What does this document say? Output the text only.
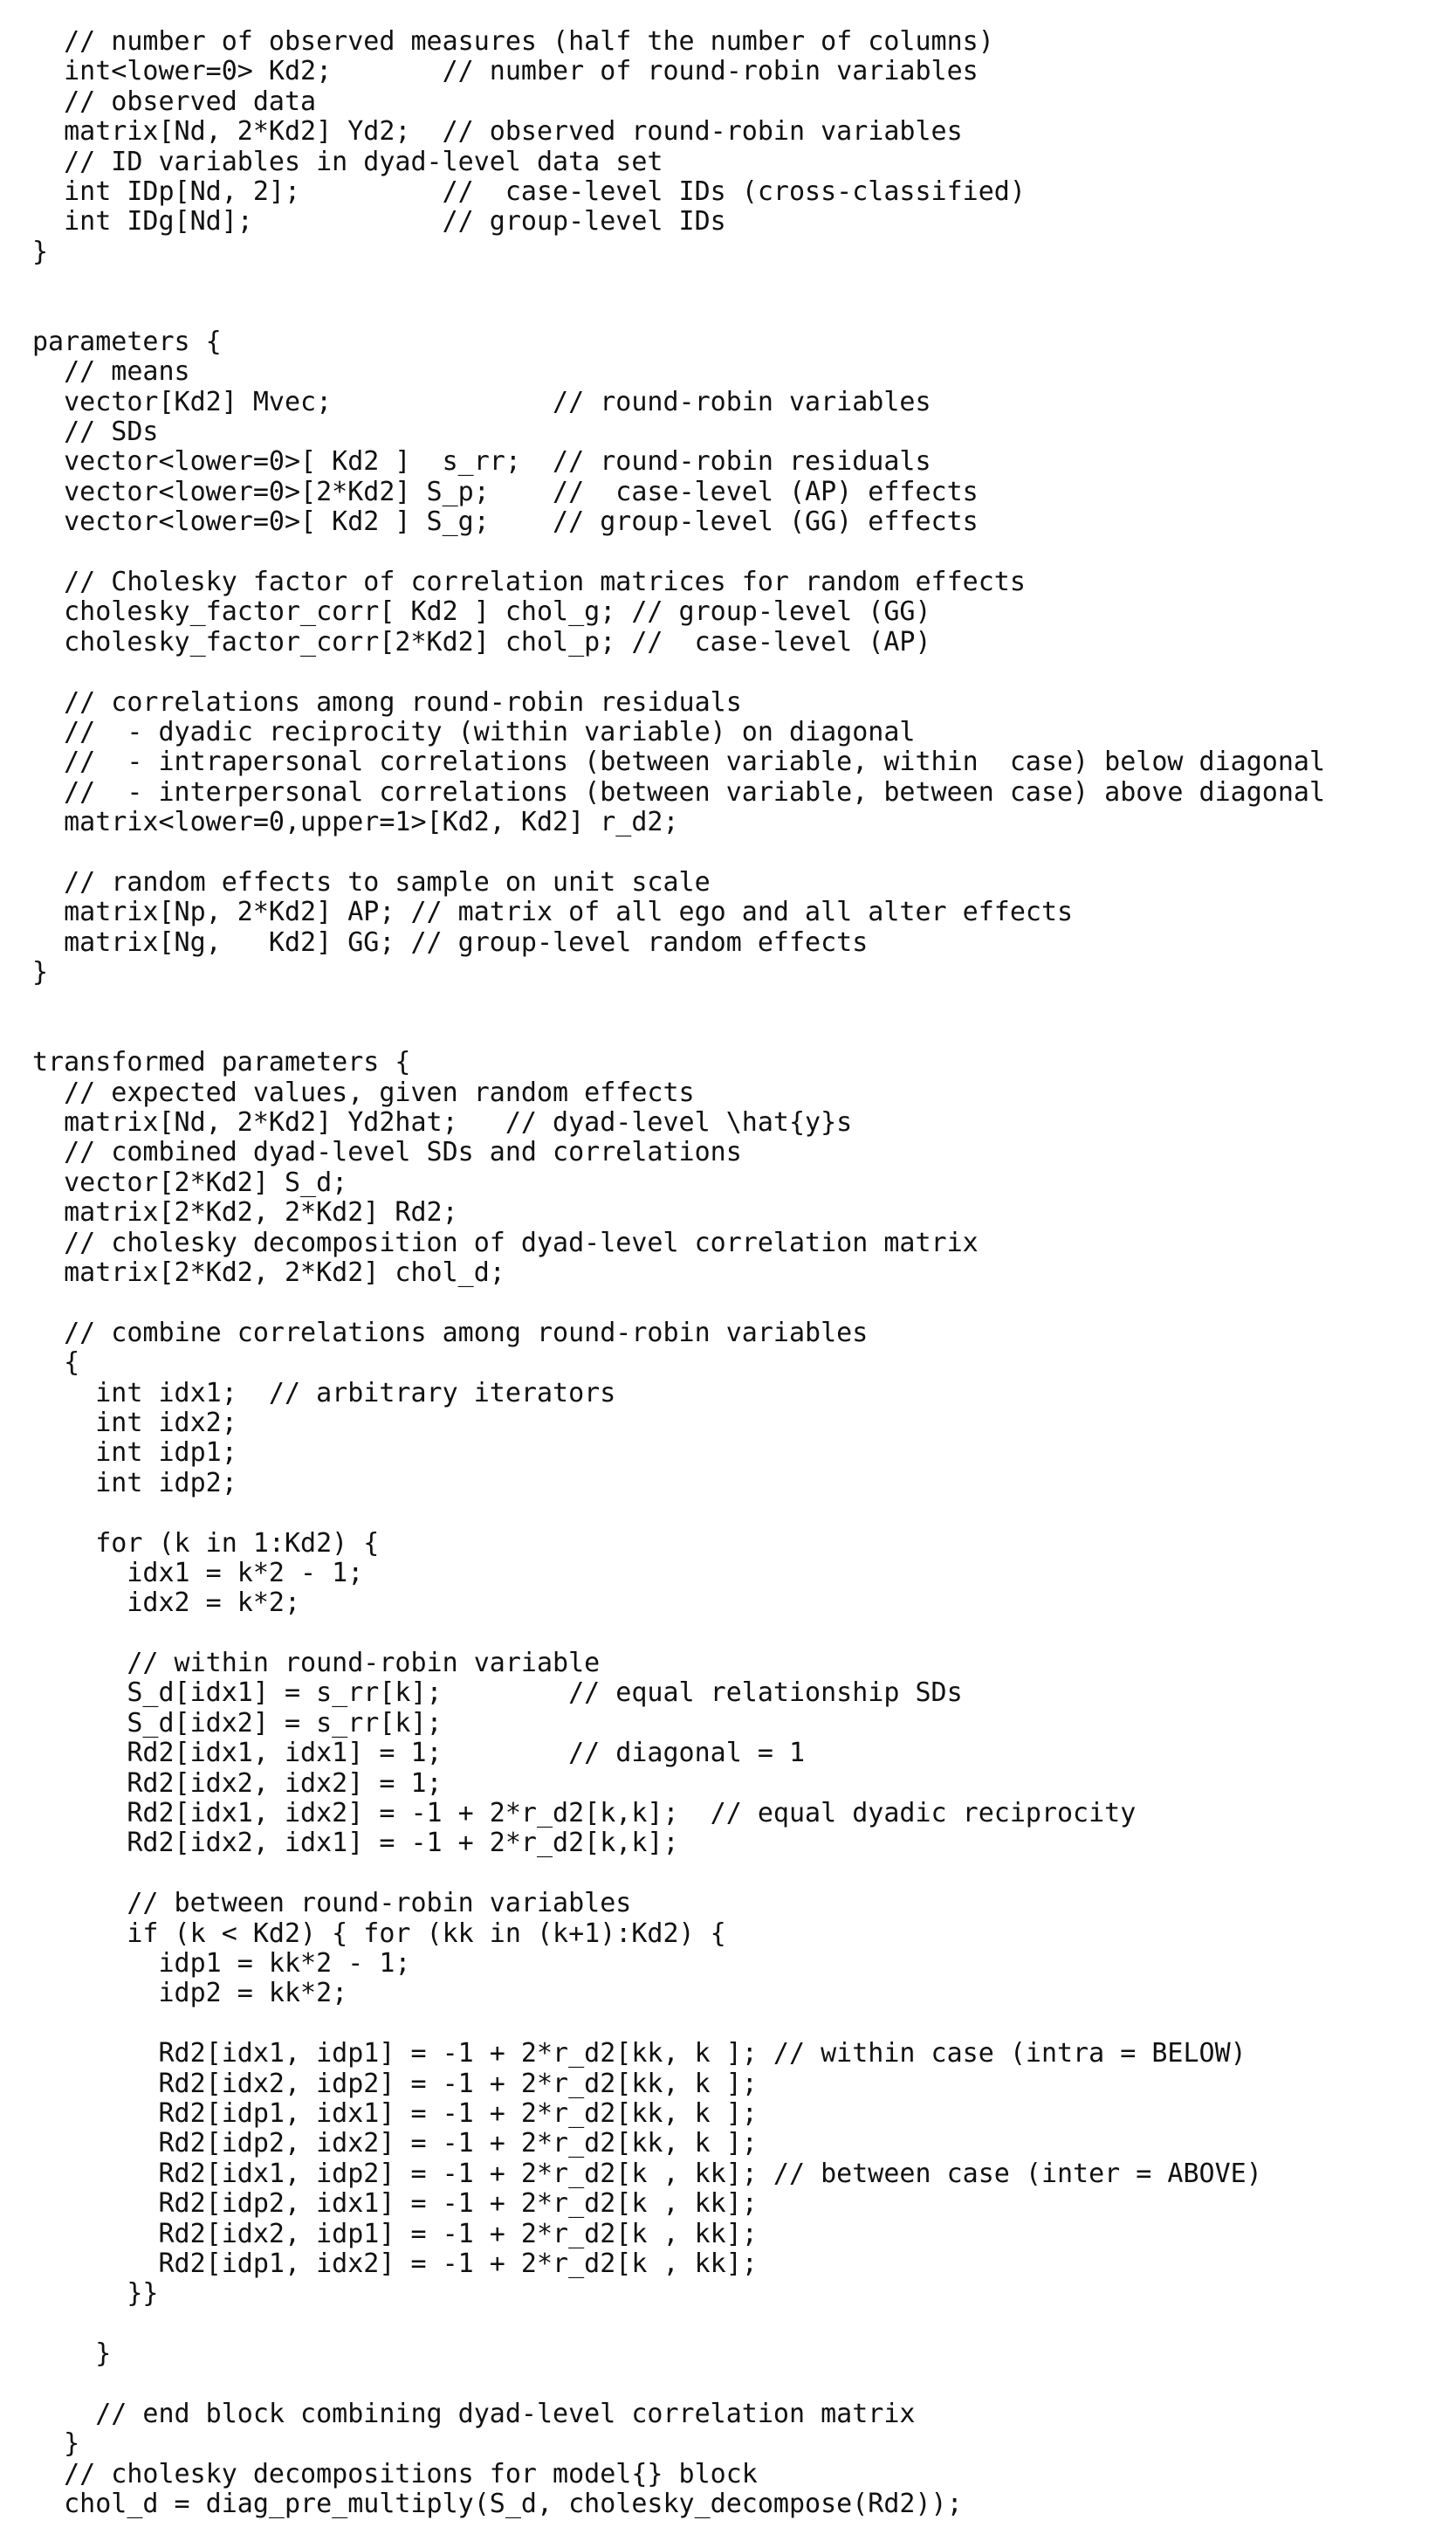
// number of observed measures (half the number of columns)
int<lower=0> Kd2;       // number of round-robin variables
// observed data
matrix[Nd, 2*Kd2] Yd2;  // observed round-robin variables
// ID variables in dyad-level data set
int IDp[Nd, 2];         //  case-level IDs (cross-classified)
int IDg[Nd];            // group-level IDs
}
parameters {
// means
vector[Kd2] Mvec;              // round-robin variables
// SDs
vector<lower=0>[ Kd2 ]  s_rr;  // round-robin residuals
vector<lower=0>[2*Kd2] S_p;    //  case-level (AP) effects
vector<lower=0>[ Kd2 ] S_g;    // group-level (GG) effects
// Cholesky factor of correlation matrices for random effects
cholesky_factor_corr[ Kd2 ] chol_g; // group-level (GG)
cholesky_factor_corr[2*Kd2] chol_p; //  case-level (AP)
// correlations among round-robin residuals
//  - dyadic reciprocity (within variable) on diagonal
//  - intrapersonal correlations (between variable, within  case) below diagonal
//  - interpersonal correlations (between variable, between case) above diagonal
matrix<lower=0,upper=1>[Kd2, Kd2] r_d2;
// random effects to sample on unit scale
matrix[Np, 2*Kd2] AP; // matrix of all ego and all alter effects
matrix[Ng,   Kd2] GG; // group-level random effects
}
transformed parameters {
// expected values, given random effects
matrix[Nd, 2*Kd2] Yd2hat;   // dyad-level \hat{y}s
// combined dyad-level SDs and correlations
vector[2*Kd2] S_d;
matrix[2*Kd2, 2*Kd2] Rd2;
// cholesky decomposition of dyad-level correlation matrix
matrix[2*Kd2, 2*Kd2] chol_d;
// combine correlations among round-robin variables
{
int idx1;  // arbitrary iterators
int idx2;
int idp1;
int idp2;
for (k in 1:Kd2) {
idx1 = k*2 - 1;
idx2 = k*2;
// within round-robin variable
S_d[idx1] = s_rr[k];        // equal relationship SDs
S_d[idx2] = s_rr[k];
Rd2[idx1, idx1] = 1;        // diagonal = 1
Rd2[idx2, idx2] = 1;
Rd2[idx1, idx2] = -1 + 2*r_d2[k,k];  // equal dyadic reciprocity
Rd2[idx2, idx1] = -1 + 2*r_d2[k,k];
// between round-robin variables
if (k < Kd2) { for (kk in (k+1):Kd2) {
idp1 = kk*2 - 1;
idp2 = kk*2;
Rd2[idx1, idp1] = -1 + 2*r_d2[kk, k ]; // within case (intra = BELOW)
Rd2[idx2, idp2] = -1 + 2*r_d2[kk, k ];
Rd2[idp1, idx1] = -1 + 2*r_d2[kk, k ];
Rd2[idp2, idx2] = -1 + 2*r_d2[kk, k ];
Rd2[idx1, idp2] = -1 + 2*r_d2[k , kk]; // between case (inter = ABOVE)
Rd2[idp2, idx1] = -1 + 2*r_d2[k , kk];
Rd2[idx2, idp1] = -1 + 2*r_d2[k , kk];
Rd2[idp1, idx2] = -1 + 2*r_d2[k , kk];
}}
}
// end block combining dyad-level correlation matrix
}
// cholesky decompositions for model{} block
chol_d = diag_pre_multiply(S_d, cholesky_decompose(Rd2));
